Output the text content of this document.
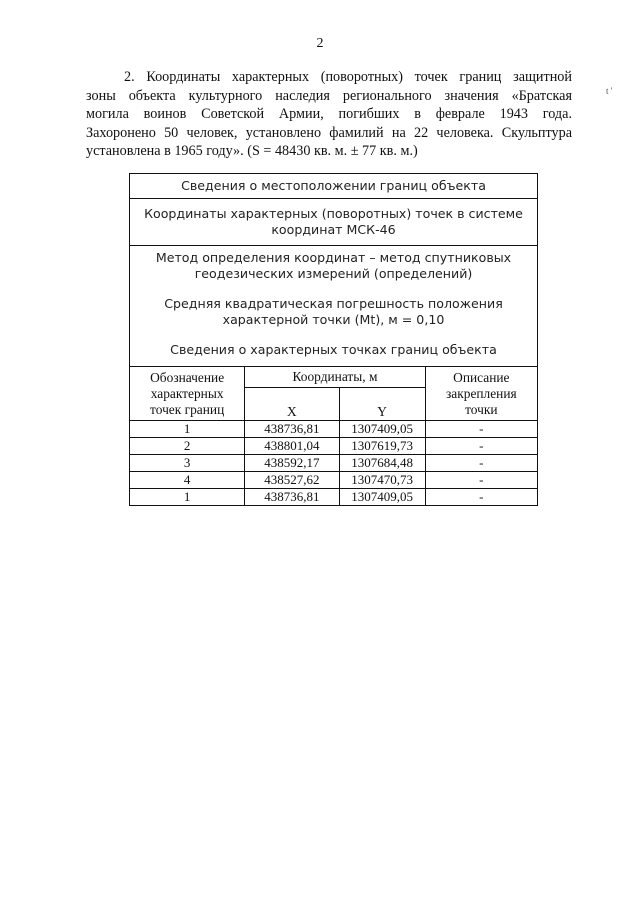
2
t '
2. Координаты характерных (поворотных) точек границ защитной
зоны объекта культурного наследия регионального значения «Братская
могила воинов Советской Армии, погибших в феврале 1943 года.
Захоронено 50 человек, установлено фамилий на 22 человека. Скульптура
установлена в 1965 году». (S = 48430 кв. м. ± 77 кв. м.)
Сведения о местоположении границ объекта			
Координаты характерных (поворотных) точек в системе
координат МСК-46			
Метод определения координат – метод спутниковых
геодезических измерений (определений)
Средняя квадратическая погрешность положения
характерной точки (Mt), м = 0,10
Сведения о характерных точках границ объекта			
Обозначение
характерных
точек границ	Координаты, м		Описание
закрепления
точки
	X	Y	
1	438736,81	1307409,05	-
2	438801,04	1307619,73	-
3	438592,17	1307684,48	-
4	438527,62	1307470,73	-
1	438736,81	1307409,05	-
